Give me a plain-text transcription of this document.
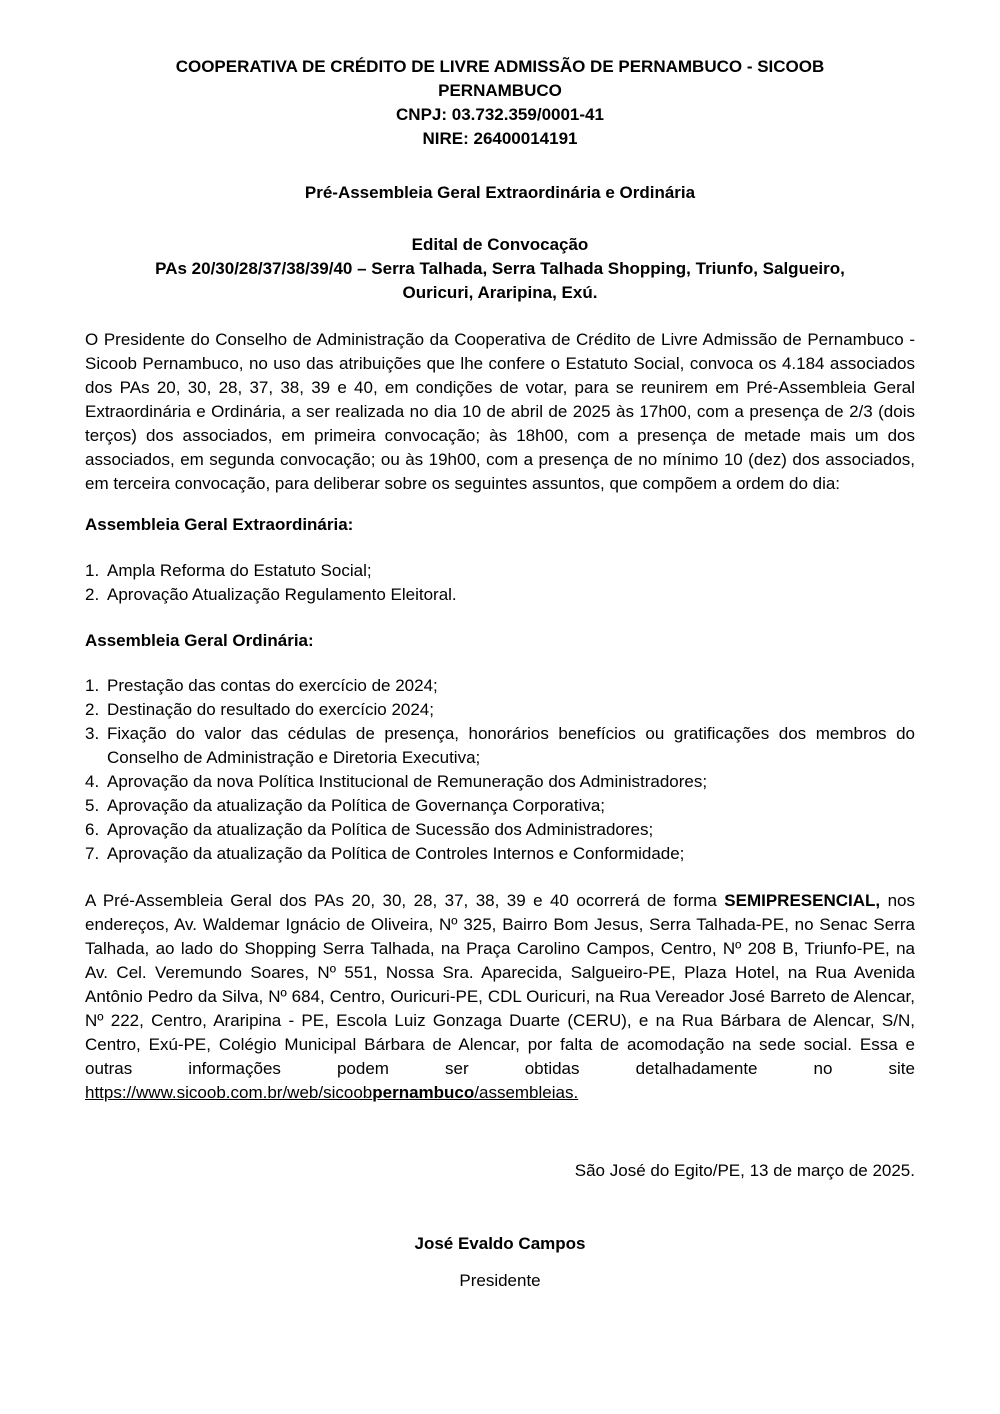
COOPERATIVA DE CRÉDITO DE LIVRE ADMISSÃO DE PERNAMBUCO - SICOOB
PERNAMBUCO
CNPJ: 03.732.359/0001-41
NIRE: 26400014191
Pré-Assembleia Geral Extraordinária e Ordinária
Edital de Convocação
PAs 20/30/28/37/38/39/40 – Serra Talhada, Serra Talhada Shopping, Triunfo, Salgueiro,
Ouricuri, Araripina, Exú.
O Presidente do Conselho de Administração da Cooperativa de Crédito de Livre Admissão de Pernambuco - Sicoob Pernambuco, no uso das atribuições que lhe confere o Estatuto Social, convoca os 4.184 associados dos PAs 20, 30, 28, 37, 38, 39 e 40, em condições de votar, para se reunirem em Pré-Assembleia Geral Extraordinária e Ordinária, a ser realizada no dia 10 de abril de 2025 às 17h00, com a presença de 2/3 (dois terços) dos associados, em primeira convocação; às 18h00, com a presença de metade mais um dos associados, em segunda convocação; ou às 19h00, com a presença de no mínimo 10 (dez) dos associados, em terceira convocação, para deliberar sobre os seguintes assuntos, que compõem a ordem do dia:
Assembleia Geral Extraordinária:
1. Ampla Reforma do Estatuto Social;
2. Aprovação Atualização Regulamento Eleitoral.
Assembleia Geral Ordinária:
1. Prestação das contas do exercício de 2024;
2. Destinação do resultado do exercício 2024;
3. Fixação do valor das cédulas de presença, honorários benefícios ou gratificações dos membros do Conselho de Administração e Diretoria Executiva;
4. Aprovação da nova Política Institucional de Remuneração dos Administradores;
5. Aprovação da atualização da Política de Governança Corporativa;
6. Aprovação da atualização da Política de Sucessão dos Administradores;
7. Aprovação da atualização da Política de Controles Internos e Conformidade;
A Pré-Assembleia Geral dos PAs 20, 30, 28, 37, 38, 39 e 40 ocorrerá de forma SEMIPRESENCIAL, nos endereços, Av. Waldemar Ignácio de Oliveira, Nº 325, Bairro Bom Jesus, Serra Talhada-PE, no Senac Serra Talhada, ao lado do Shopping Serra Talhada, na Praça Carolino Campos, Centro, Nº 208 B, Triunfo-PE, na Av. Cel. Veremundo Soares, Nº 551, Nossa Sra. Aparecida, Salgueiro-PE, Plaza Hotel, na Rua Avenida Antônio Pedro da Silva, Nº 684, Centro, Ouricuri-PE, CDL Ouricuri, na Rua Vereador José Barreto de Alencar, Nº 222, Centro, Araripina - PE, Escola Luiz Gonzaga Duarte (CERU), e na Rua Bárbara de Alencar, S/N, Centro, Exú-PE, Colégio Municipal Bárbara de Alencar, por falta de acomodação na sede social. Essa e outras informações podem ser obtidas detalhadamente no site https://www.sicoob.com.br/web/sicoobpernambuco/assembleias.
São José do Egito/PE, 13 de março de 2025.
José Evaldo Campos
Presidente
